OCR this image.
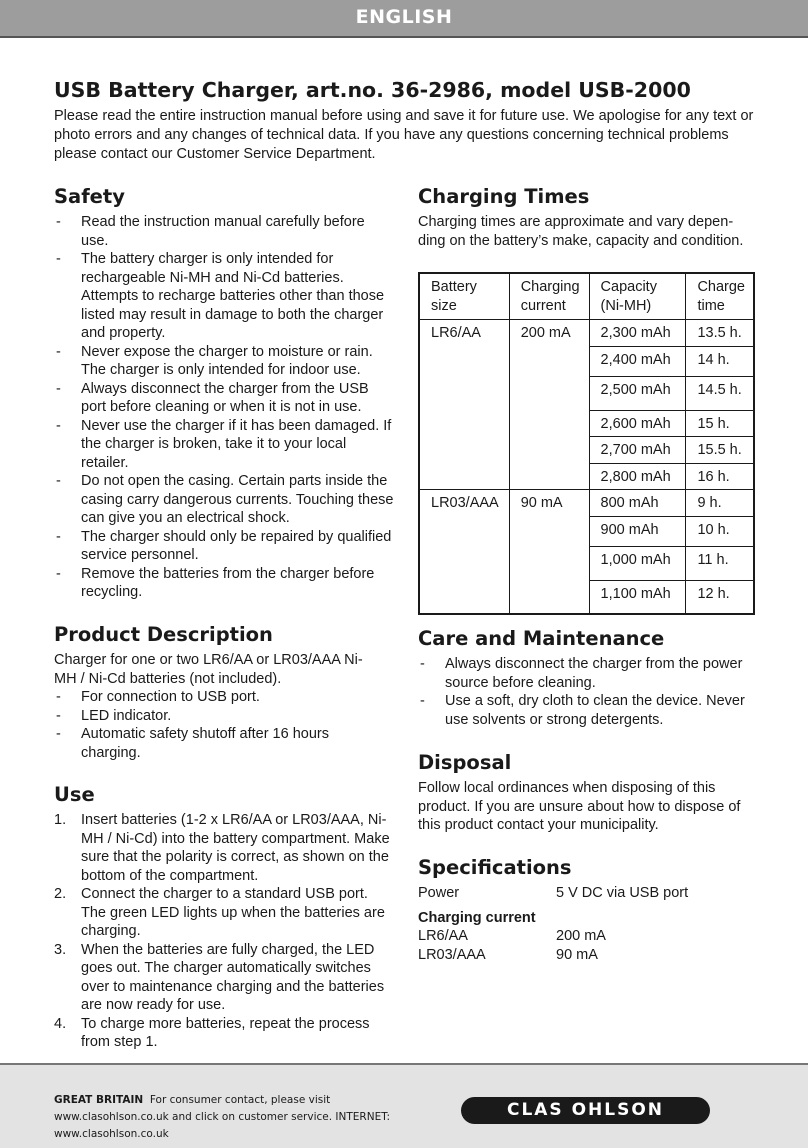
ENGLISH
USB Battery Charger, art.no. 36-2986, model USB-2000

Please read the entire instruction manual before using and save it for future use. We apologise for any text or photo errors and any changes of technical data. If you have any questions concerning technical problems please contact our Customer Service Department.

Safety
- Read the instruction manual carefully before use.
- The battery charger is only intended for rechargeable Ni-MH and Ni-Cd batteries. Attempts to recharge batteries other than those listed may result in damage to both the charger and property.
- Never expose the charger to moisture or rain. The charger is only intended for indoor use.
- Always disconnect the charger from the USB port before cleaning or when it is not in use.
- Never use the charger if it has been damaged. If the charger is broken, take it to your local retailer.
- Do not open the casing. Certain parts inside the casing carry dangerous currents. Touching these can give you an electrical shock.
- The charger should only be repaired by qualified service personnel.
- Remove the batteries from the charger before recycling.
Product Description

Charger for one or two LR6/AA or LR03/AAA Ni-MH / Ni-Cd batteries (not included).

- For connection to USB port.
- LED indicator.
- Automatic safety shutoff after 16 hours charging.
Use
1. Insert batteries (1-2 x LR6/AA or LR03/AAA, Ni-MH / Ni-Cd) into the battery compartment. Make sure that the polarity is correct, as shown on the bottom of the compartment.
2. Connect the charger to a standard USB port. The green LED lights up when the batteries are charging.
3. When the batteries are fully charged, the LED goes out. The charger automatically switches over to maintenance charging and the batteries are now ready for use.
4. To charge more batteries, repeat the process from step 1.
Charging Times

Charging times are approximate and vary depen-ding on the battery’s make, capacity and condition.

Battery size	Charging current	Capacity (Ni-MH)	Charge time
LR6/AA	200 mA	2,300 mAh	13.5 h.
		2,400 mAh	14 h.
		2,500 mAh	14.5 h.
		2,600 mAh	15 h.
		2,700 mAh	15.5 h.
		2,800 mAh	16 h.
LR03/AAA	90 mA	800 mAh	9 h.
		900 mAh	10 h.
		1,000 mAh	11 h.
		1,100 mAh	12 h.
Care and Maintenance
- Always disconnect the charger from the power source before cleaning.
- Use a soft, dry cloth to clean the device. Never use solvents or strong detergents.
Disposal

Follow local ordinances when disposing of this product. If you are unsure about how to dispose of this product contact your municipality.

Specifications
Power	5 V DC via USB port
Charging current
LR6/AA	200 mA
LR03/AAA	90 mA
GREAT BRITAIN For consumer contact, please visit www.clasohlson.co.uk and click on customer service. INTERNET: www.clasohlson.co.uk
CLAS OHLSON
